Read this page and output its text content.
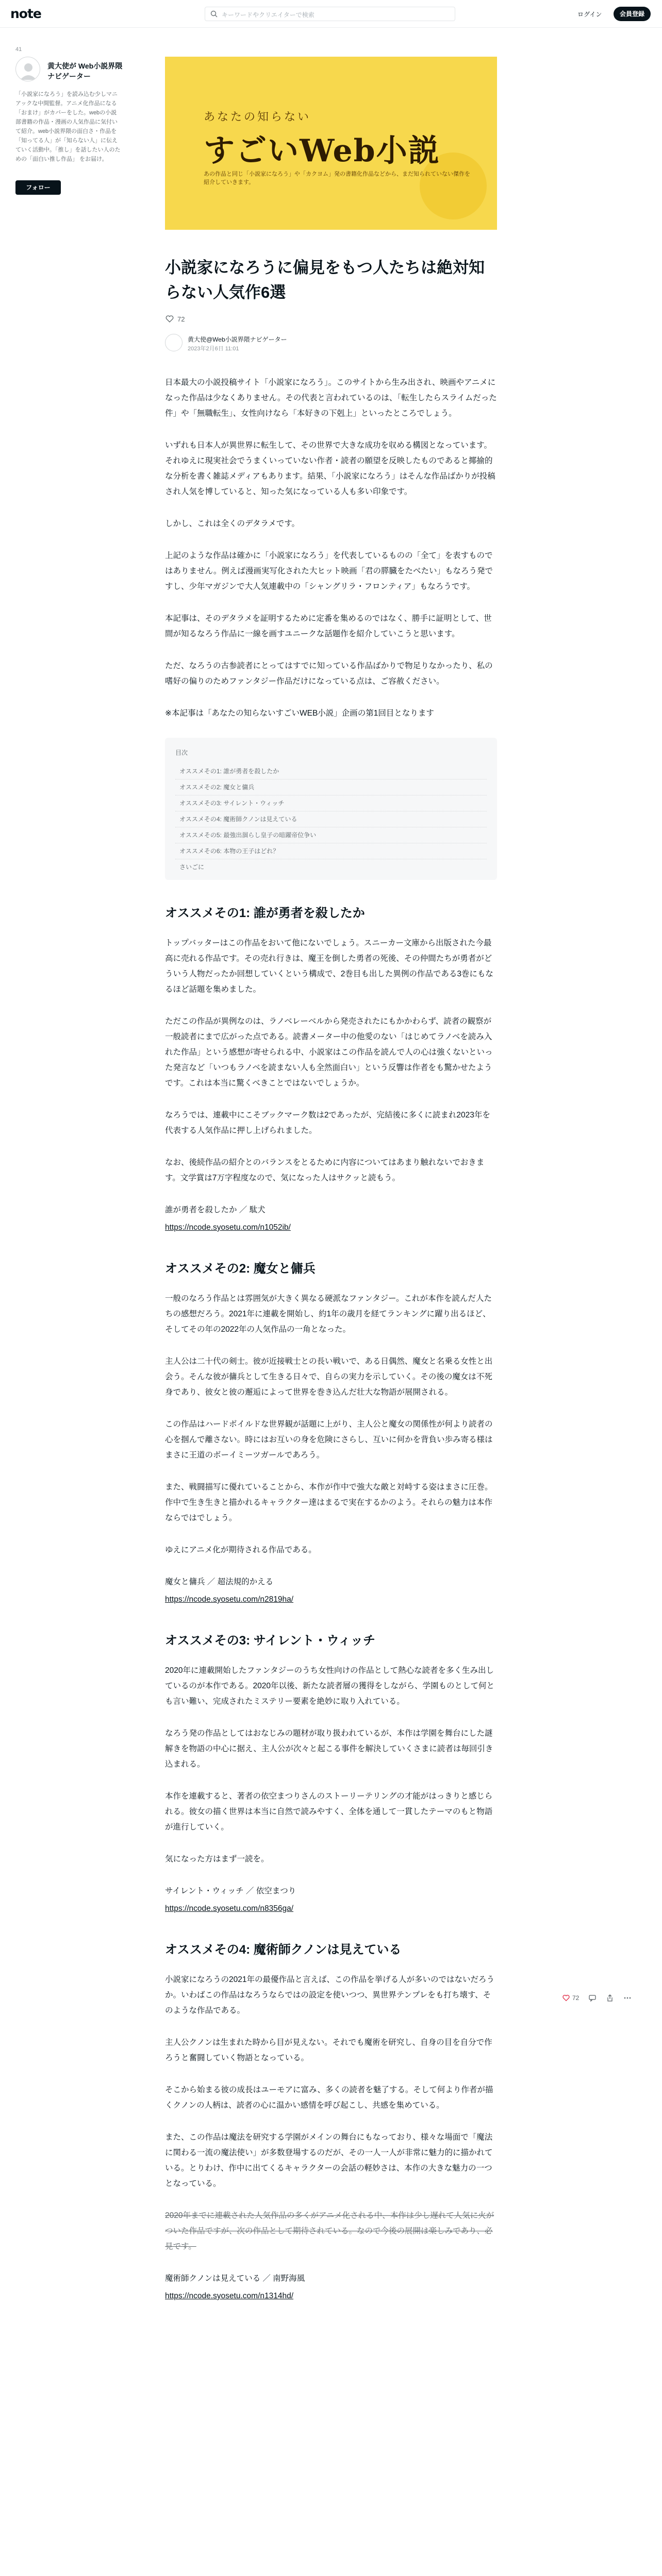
note	キーワードやクリエイターで検索	ログイン	会員登録
41
黄大使が Web小説界隈ナビゲーター
「小説家になろう」を読み込む少しマニアックな中間監督。アニメ化作品になる「おまけ」がカバーをした。webの小説部書籍の作品・漫画の人気作品に気付いて紹介。web小説界隈の面白さ・作品を「知ってる人」が「知らない人」に伝えていく活動中。「推し」を話したい人のための「面白い推し作品」 をお届け。
フォロー
あなたの知らない
すごいWeb小説
あの作品と同じ「小説家になろう」や「カクヨム」発の書籍化作品などから、まだ知られていない傑作を紹介していきます。
小説家になろうに偏見をもつ人たちは絶対知らない人気作6選
72
黄大使@Web小説界隈ナビゲーター
2023年2月6日 11:01

日本最大の小説投稿サイト「小説家になろう」。このサイトから生み出され、映画やアニメになった作品は少なくありません。その代表と言われているのは、「転生したらスライムだった件」や「無職転生」、女性向けなら「本好きの下剋上」といったところでしょう。

いずれも日本人が異世界に転生して、その世界で大きな成功を収める構図となっています。それゆえに現実社会でうまくいっていない作者・読者の願望を反映したものであると揶揄的な分析を書く雑誌メディアもあります。結果、「小説家になろう」はそんな作品ばかりが投稿され人気を博していると、知った気になっている人も多い印象です。

しかし、これは全くのデタラメです。

上記のような作品は確かに「小説家になろう」を代表しているものの「全て」を表すものではありません。例えば漫画実写化された大ヒット映画「君の膵臓をたべたい」もなろう発ですし、少年マガジンで大人気連載中の「シャングリラ・フロンティア」もなろうです。

本記事は、そのデタラメを証明するために定番を集めるのではなく、勝手に証明として、世間が知るなろう作品に一線を画すユニークな話題作を紹介していこうと思います。

ただ、なろうの古参読者にとってはすでに知っている作品ばかりで物足りなかったり、私の嗜好の偏りのためファンタジー作品だけになっている点は、ご容赦ください。

※本記事は「あなたの知らないすごいWEB小説」企画の第1回目となります

目次
オススメその1: 誰が勇者を殺したか
オススメその2: 魔女と傭兵
オススメその3: サイレント・ウィッチ
オススメその4: 魔術師クノンは見えている
オススメその5: 最強出涸らし皇子の暗躍帝位争い
オススメその6: 本物の王子はどれ？
さいごに
オススメその1: 誰が勇者を殺したか

トップバッターはこの作品をおいて他にないでしょう。スニーカー文庫から出版された今最高に売れる作品です。その売れ行きは、魔王を倒した勇者の死後、その仲間たちが勇者がどういう人物だったか回想していくという構成で、2巻目も出した異例の作品である3巻にもなるほど話題を集めました。

ただこの作品が異例なのは、ラノベレーベルから発売されたにもかかわらず、読者の観察が一般読者にまで広がった点である。読書メーター中の他愛のない「はじめてラノベを読み入れた作品」という感想が寄せられる中、小説家はこの作品を読んで人の心は強くないといった発言など「いつもラノベを読まない人も全然面白い」という反響は作者をも驚かせたようです。これは本当に驚くべきことではないでしょうか。

なろうでは、連載中にこそブックマーク数は2であったが、完結後に多くに読まれ2023年を代表する人気作品に押し上げられました。

なお、後続作品の紹介とのバランスをとるために内容についてはあまり触れないでおきます。文学賞は7万字程度なので、気になった人はサクッと読もう。

誰が勇者を殺したか ／ 駄犬

https://ncode.syosetu.com/n1052ib/

オススメその2: 魔女と傭兵

一般のなろう作品とは雰囲気が大きく異なる硬派なファンタジー。これが本作を読んだ人たちの感想だろう。2021年に連載を開始し、約1年の歳月を経てランキングに躍り出るほど、そしてその年の2022年の人気作品の一角となった。

主人公は二十代の剣士。彼が近接戦士との長い戦いで、ある日偶然、魔女と名乗る女性と出会う。そんな彼が傭兵として生きる日々で、自らの実力を示していく。その後の魔女は不死身であり、彼女と彼の邂逅によって世界を巻き込んだ壮大な物語が展開される。

この作品はハードボイルドな世界観が話題に上がり、主人公と魔女の関係性が何より読者の心を掴んで離さない。時にはお互いの身を危険にさらし、互いに何かを背負い歩み寄る様はまさに王道のボーイミーツガールであろう。

また、戦闘描写に優れていることから、本作が作中で強大な敵と対峙する姿はまさに圧巻。作中で生き生きと描かれるキャラクター達はまるで実在するかのよう。それらの魅力は本作ならではでしょう。

ゆえにアニメ化が期待される作品である。

魔女と傭兵 ／ 超法規的かえる

https://ncode.syosetu.com/n2819ha/

オススメその3: サイレント・ウィッチ

2020年に連載開始したファンタジーのうち女性向けの作品として熱心な読者を多く生み出しているのが本作である。2020年以後、新たな読者層の獲得をしながら、学園ものとして何とも言い難い、完成されたミステリー要素を絶妙に取り入れている。

なろう発の作品としてはおなじみの題材が取り扱われているが、本作は学園を舞台にした謎解きを物語の中心に据え、主人公が次々と起こる事件を解決していくさまに読者は毎回引き込まれる。

本作を連載すると、著者の依空まつりさんのストーリーテリングの才能がはっきりと感じられる。彼女の描く世界は本当に自然で読みやすく、全体を通して一貫したテーマのもと物語が進行していく。

気になった方はまず一読を。

サイレント・ウィッチ ／ 依空まつり

https://ncode.syosetu.com/n8356ga/

オススメその4: 魔術師クノンは見えている

小説家になろうの2021年の最優作品と言えば、この作品を挙げる人が多いのではないだろうか。いわばこの作品はなろうならではの設定を使いつつ、異世界テンプレをも打ち壊す、そのような作品である。

主人公クノンは生まれた時から目が見えない。それでも魔術を研究し、自身の目を自分で作ろうと奮闘していく物語となっている。

そこから始まる彼の成長はユーモアに富み、多くの読者を魅了する。そして何より作者が描くクノンの人柄は、読者の心に温かい感情を呼び起こし、共感を集めている。

また、この作品は魔法を研究する学園がメインの舞台にもなっており、様々な場面で「魔法に関わる一流の魔法使い」が多数登場するのだが、その一人一人が非常に魅力的に描かれている。とりわけ、作中に出てくるキャラクターの会話の軽妙さは、本作の大きな魅力の一つとなっている。

2020年までに連載された人気作品の多くがアニメ化される中、本作は少し遅れて人気に火がついた作品ですが、次の作品として期待されている。なので今後の展開は楽しみであり、必見です。

魔術師クノンは見えている ／ 南野海風

https://ncode.syosetu.com/n1314hd/

72
